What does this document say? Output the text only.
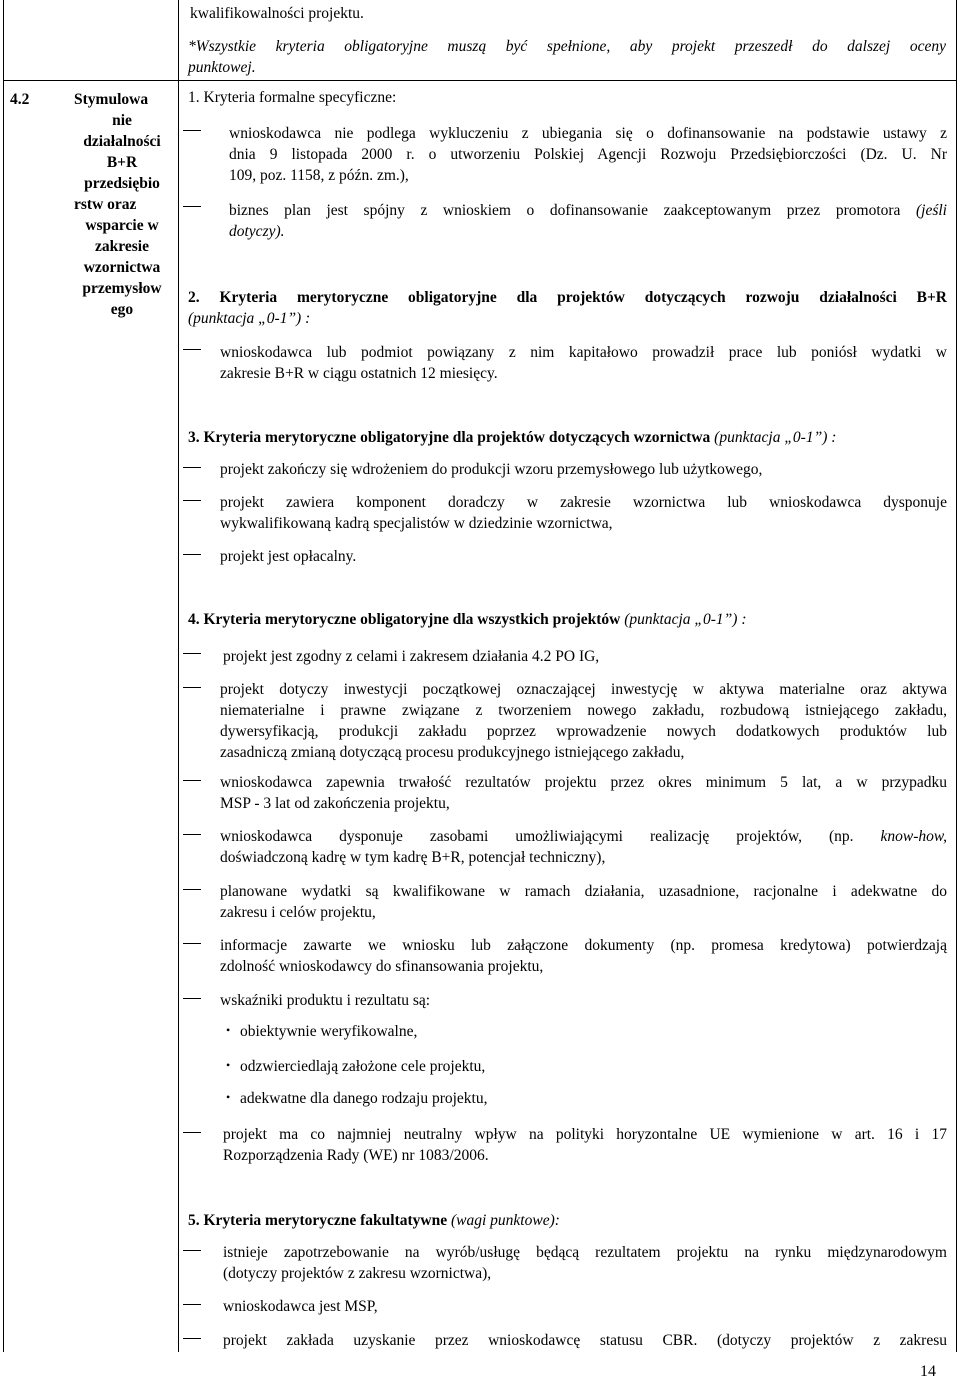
kwalifikowalności projektu.
*Wszystkie kryteria obligatoryjne muszą być spełnione, aby projekt przeszedł do dalszej oceny
punktowej.
4.2	Stymulowa
nie
działalności
B+R
przedsiębio
rstw oraz
wsparcie w
zakresie
wzornictwa
przemysłow
ego
1. Kryteria formalne specyficzne:
wnioskodawca nie podlega wykluczeniu z ubiegania się o dofinansowanie na podstawie ustawy z
dnia 9 listopada 2000 r. o utworzeniu Polskiej Agencji Rozwoju Przedsiębiorczości (Dz. U. Nr
109, poz. 1158, z późn. zm.),
biznes plan jest spójny z wnioskiem o dofinansowanie zaakceptowanym przez promotora (jeśli
dotyczy).
2. Kryteria merytoryczne obligatoryjne dla projektów dotyczących rozwoju działalności B+R
(punktacja „0-1”) :
wnioskodawca lub podmiot powiązany z nim kapitałowo prowadził prace lub poniósł wydatki w
zakresie B+R w ciągu ostatnich 12 miesięcy.
3. Kryteria merytoryczne obligatoryjne dla projektów dotyczących wzornictwa (punktacja „0-1”) :
projekt zakończy się wdrożeniem do produkcji wzoru przemysłowego lub użytkowego,
projekt zawiera komponent doradczy w zakresie wzornictwa lub wnioskodawca dysponuje
wykwalifikowaną kadrą specjalistów w dziedzinie wzornictwa,
projekt jest opłacalny.
4. Kryteria merytoryczne obligatoryjne dla wszystkich projektów (punktacja „0-1”) :
projekt jest zgodny z celami i zakresem działania 4.2 PO IG,
projekt dotyczy inwestycji początkowej oznaczającej inwestycję w aktywa materialne oraz aktywa
niematerialne i prawne związane z tworzeniem nowego zakładu, rozbudową istniejącego zakładu,
dywersyfikacją, produkcji zakładu poprzez wprowadzenie nowych dodatkowych produktów lub
zasadniczą zmianą dotyczącą procesu produkcyjnego istniejącego zakładu,
wnioskodawca zapewnia trwałość rezultatów projektu przez okres minimum 5 lat, a w przypadku
MSP - 3 lat od zakończenia projektu,
wnioskodawca dysponuje zasobami umożliwiającymi realizację projektów, (np. know-how,
doświadczoną kadrę w tym kadrę B+R, potencjał techniczny),
planowane wydatki są kwalifikowane w ramach działania, uzasadnione, racjonalne i adekwatne do
zakresu i celów projektu,
informacje zawarte we wniosku lub załączone dokumenty (np. promesa kredytowa) potwierdzają
zdolność wnioskodawcy do sfinansowania projektu,
wskaźniki produktu i rezultatu są:
• obiektywnie weryfikowalne,
• odzwierciedlają założone cele projektu,
• adekwatne dla danego rodzaju projektu,
projekt ma co najmniej neutralny wpływ na polityki horyzontalne UE wymienione w art. 16 i 17
Rozporządzenia Rady (WE) nr 1083/2006.
5. Kryteria merytoryczne fakultatywne (wagi punktowe):
istnieje zapotrzebowanie na wyrób/usługę będącą rezultatem projektu na rynku międzynarodowym
(dotyczy projektów z zakresu wzornictwa),
wnioskodawca jest MSP,
projekt zakłada uzyskanie przez wnioskodawcę statusu CBR. (dotyczy projektów z zakresu
14
